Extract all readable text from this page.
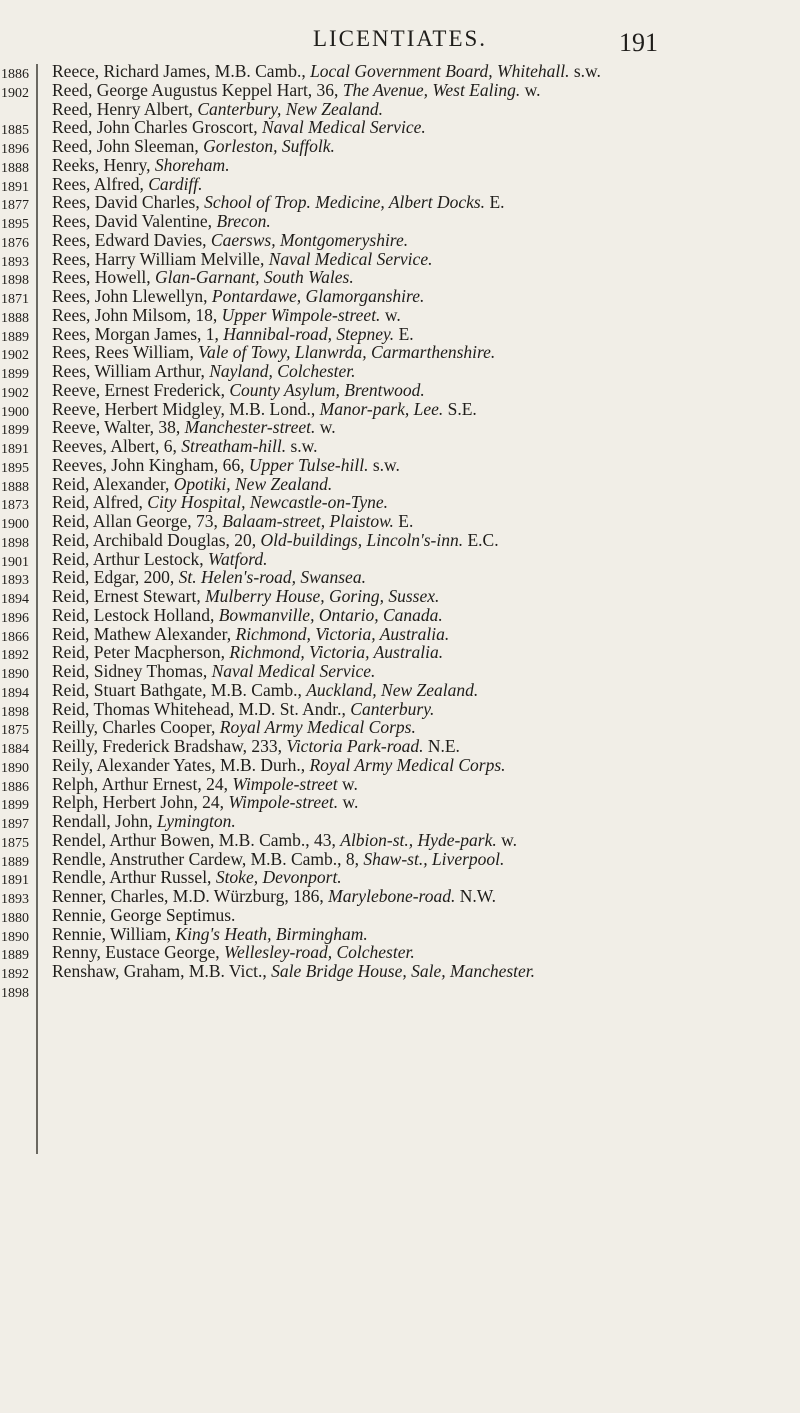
LICENTIATES.	191
1886
1902
1885
1896
1888
1891
1877
1895
1876
1893
1898
1871
1888
1889
1902
1899
1902
1900
1899
1891
1895
1888
1873
1900
1898
1901
1893
1894
1896
1866
1892
1890
1894
1898
1875
1884
1890
1886
1899
1897
1875
1889
1891
1893
1880
1890
1889
1892
1898

Reece, Richard James, M.B. Camb., Local Government Board, Whitehall. s.w.

Reed, George Augustus Keppel Hart, 36, The Avenue, West Ealing. w.

Reed, Henry Albert, Canterbury, New Zealand.

Reed, John Charles Groscort, Naval Medical Service.

Reed, John Sleeman, Gorleston, Suffolk.

Reeks, Henry, Shoreham.

Rees, Alfred, Cardiff.

Rees, David Charles, School of Trop. Medicine, Albert Docks. E.

Rees, David Valentine, Brecon.

Rees, Edward Davies, Caersws, Montgomeryshire.

Rees, Harry William Melville, Naval Medical Service.

Rees, Howell, Glan-Garnant, South Wales.

Rees, John Llewellyn, Pontardawe, Glamorganshire.

Rees, John Milsom, 18, Upper Wimpole-street. w.

Rees, Morgan James, 1, Hannibal-road, Stepney. E.

Rees, Rees William, Vale of Towy, Llanwrda, Carmarthenshire.

Rees, William Arthur, Nayland, Colchester.

Reeve, Ernest Frederick, County Asylum, Brentwood.

Reeve, Herbert Midgley, M.B. Lond., Manor-park, Lee. S.E.

Reeve, Walter, 38, Manchester-street. w.

Reeves, Albert, 6, Streatham-hill. s.w.

Reeves, John Kingham, 66, Upper Tulse-hill. s.w.

Reid, Alexander, Opotiki, New Zealand.

Reid, Alfred, City Hospital, Newcastle-on-Tyne.

Reid, Allan George, 73, Balaam-street, Plaistow. E.

Reid, Archibald Douglas, 20, Old-buildings, Lincoln's-inn. E.C.

Reid, Arthur Lestock, Watford.

Reid, Edgar, 200, St. Helen's-road, Swansea.

Reid, Ernest Stewart, Mulberry House, Goring, Sussex.

Reid, Lestock Holland, Bowmanville, Ontario, Canada.

Reid, Mathew Alexander, Richmond, Victoria, Australia.

Reid, Peter Macpherson, Richmond, Victoria, Australia.

Reid, Sidney Thomas, Naval Medical Service.

Reid, Stuart Bathgate, M.B. Camb., Auckland, New Zealand.

Reid, Thomas Whitehead, M.D. St. Andr., Canterbury.

Reilly, Charles Cooper, Royal Army Medical Corps.

Reilly, Frederick Bradshaw, 233, Victoria Park-road. N.E.

Reily, Alexander Yates, M.B. Durh., Royal Army Medical Corps.

Relph, Arthur Ernest, 24, Wimpole-street w.

Relph, Herbert John, 24, Wimpole-street. w.

Rendall, John, Lymington.

Rendel, Arthur Bowen, M.B. Camb., 43, Albion-st., Hyde-park. w.

Rendle, Anstruther Cardew, M.B. Camb., 8, Shaw-st., Liverpool.

Rendle, Arthur Russel, Stoke, Devonport.

Renner, Charles, M.D. Würzburg, 186, Marylebone-road. N.W.

Rennie, George Septimus.

Rennie, William, King's Heath, Birmingham.

Renny, Eustace George, Wellesley-road, Colchester.

Renshaw, Graham, M.B. Vict., Sale Bridge House, Sale, Manchester.
